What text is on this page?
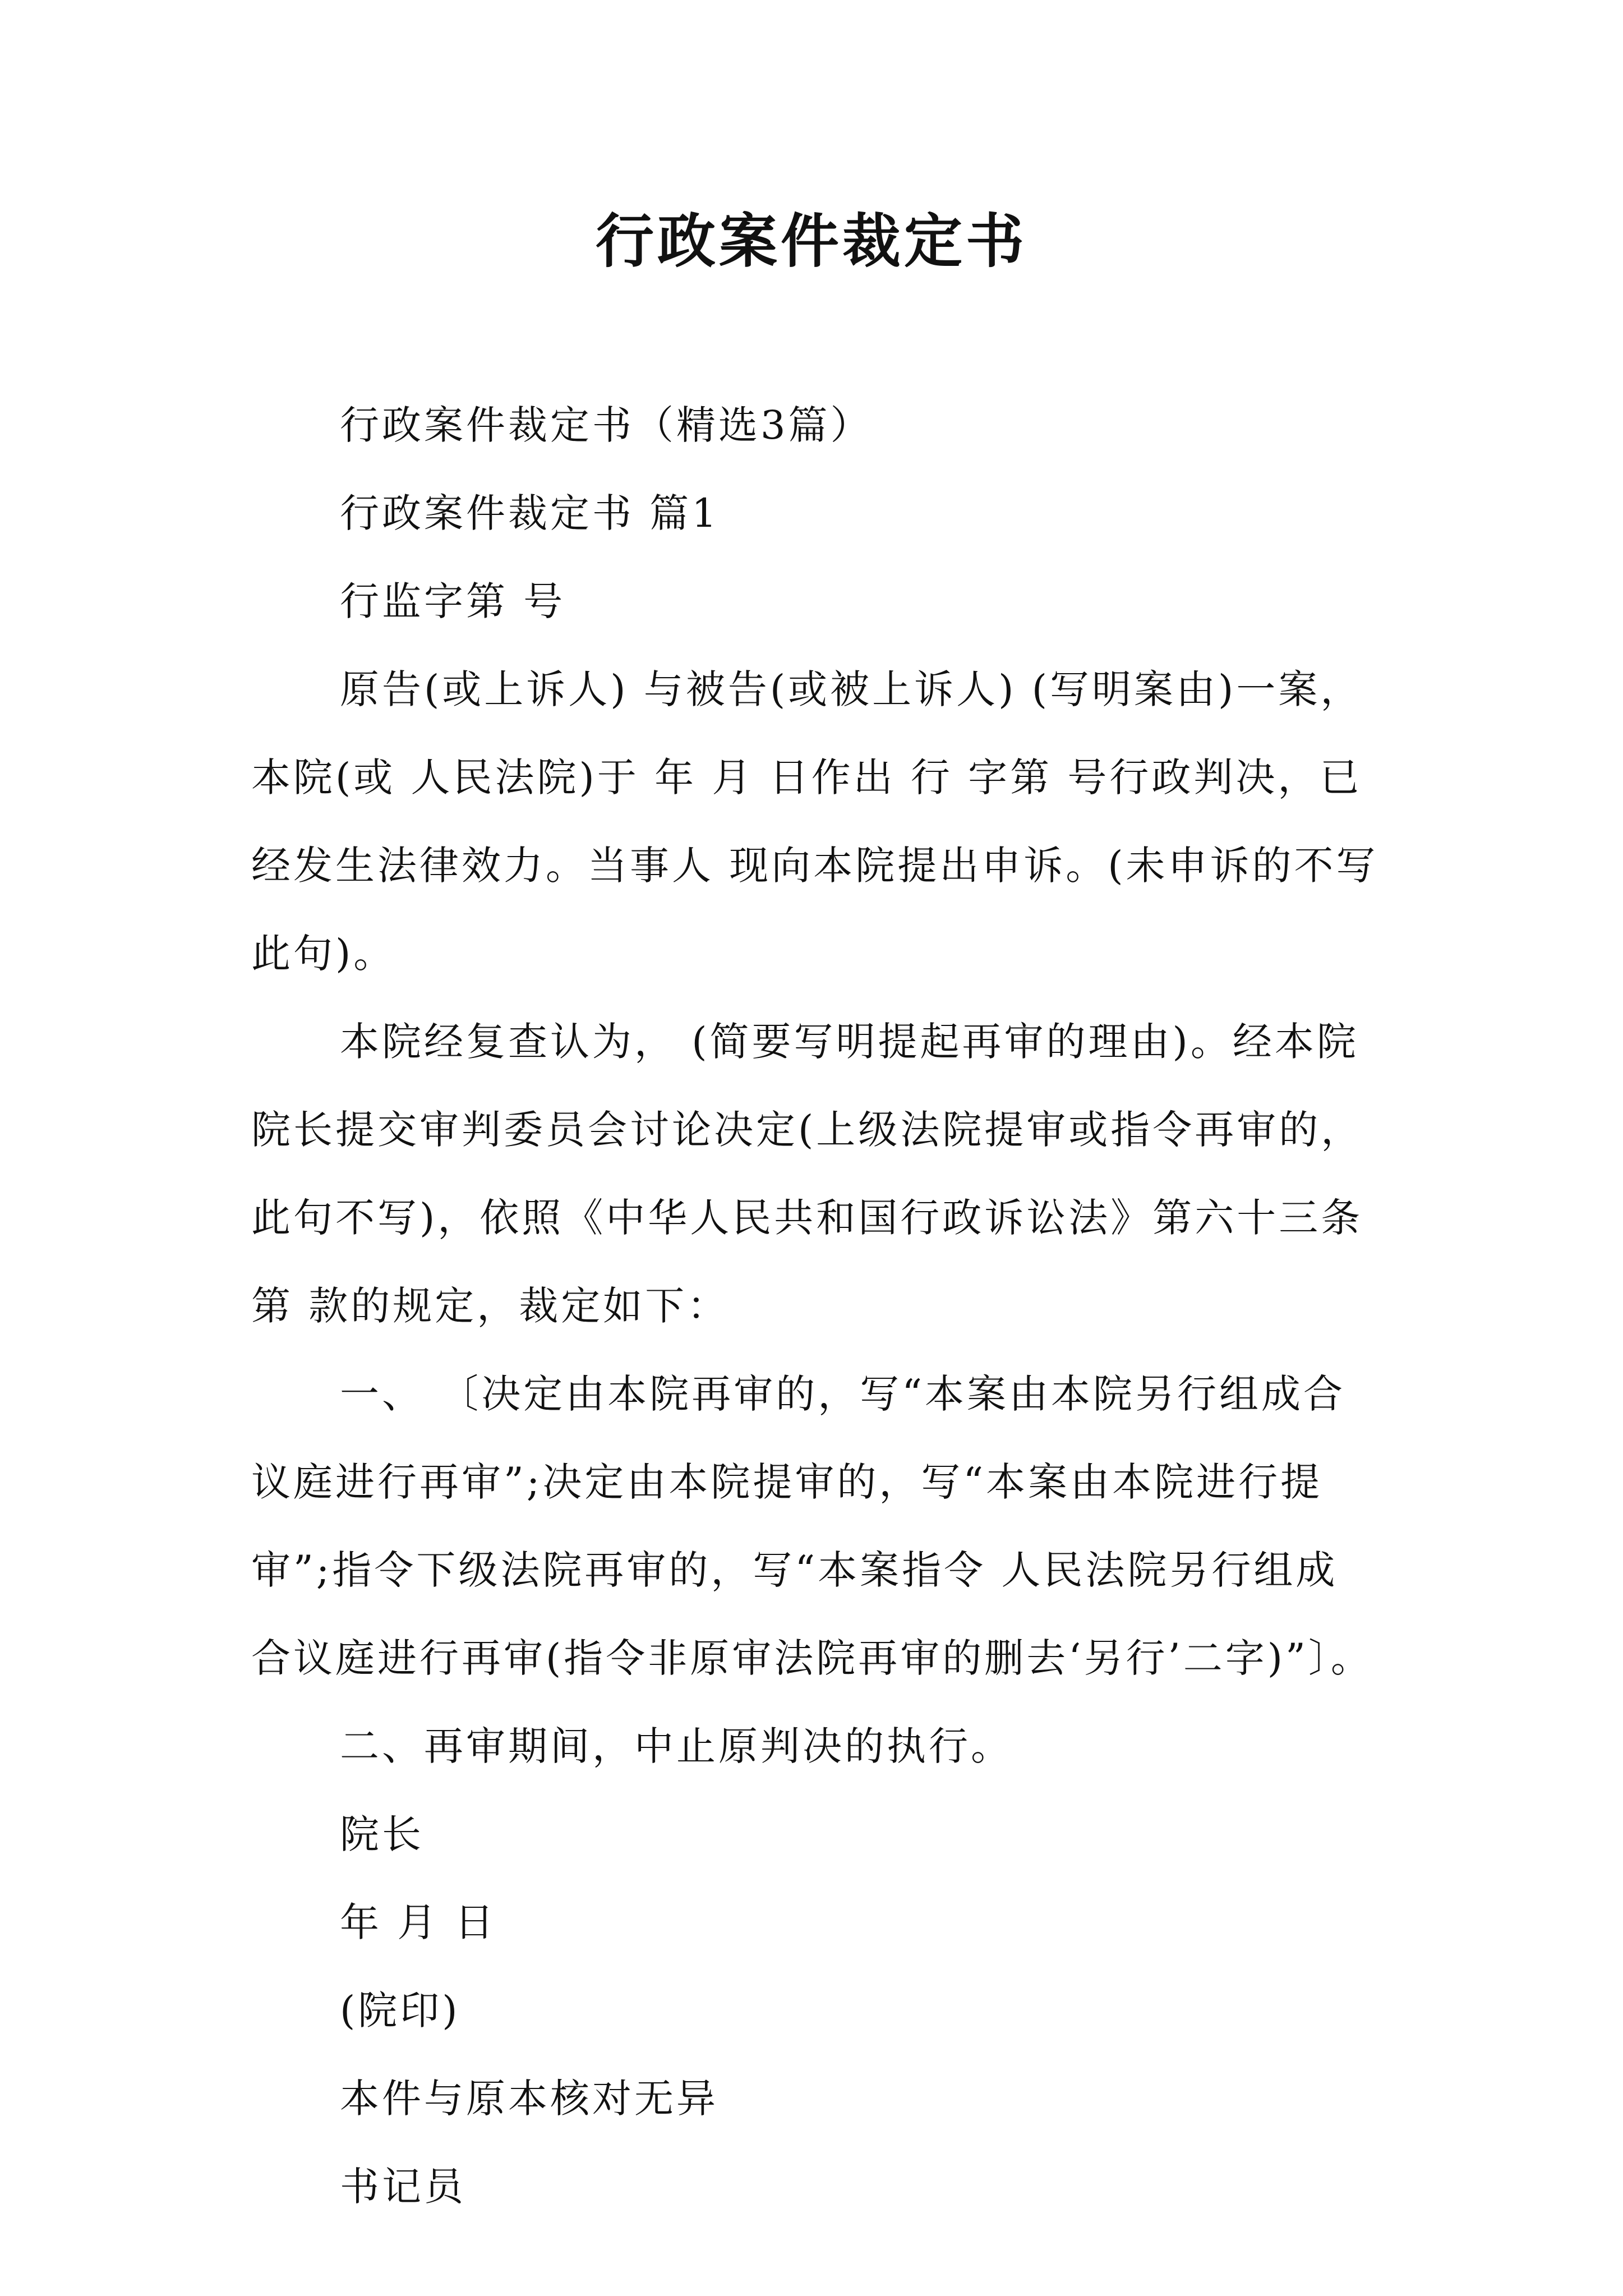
行政案件裁定书

行政案件裁定书（精选3篇）

行政案件裁定书 篇1

行监字第 号

原告(或上诉人) 与被告(或被上诉人) (写明案由)一案，本院(或 人民法院)于 年 月 日作出 行 字第 号行政判决，已经发生法律效力。当事人 现向本院提出申诉。(未申诉的不写此句)。

本院经复查认为， (简要写明提起再审的理由)。经本院院长提交审判委员会讨论决定(上级法院提审或指令再审的，此句不写)，依照《中华人民共和国行政诉讼法》第六十三条第 款的规定，裁定如下：

一、 〔决定由本院再审的，写“本案由本院另行组成合议庭进行再审”;决定由本院提审的，写“本案由本院进行提审”;指令下级法院再审的，写“本案指令 人民法院另行组成合议庭进行再审(指令非原审法院再审的删去‘另行’二字)”〕。

二、再审期间，中止原判决的执行。

院长

年 月 日

(院印)

本件与原本核对无异

书记员
